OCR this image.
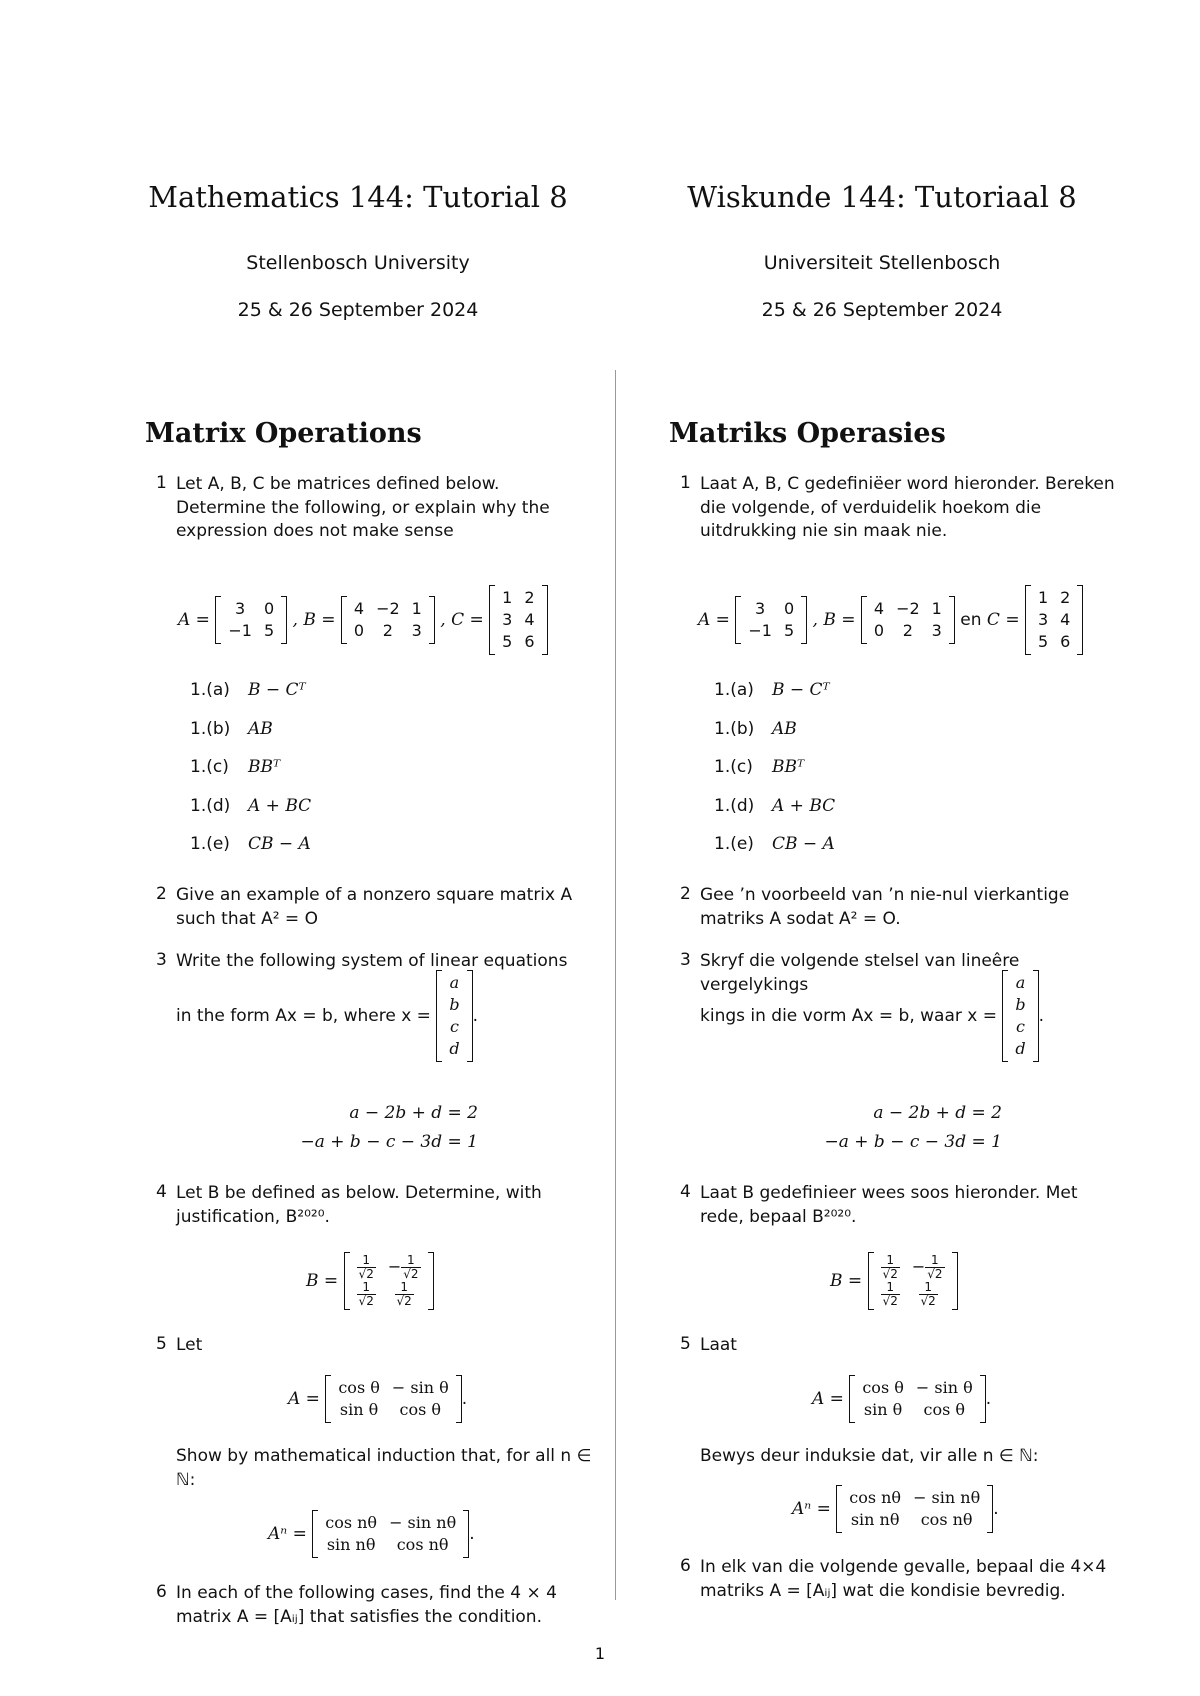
Mathematics 144: Tutorial 8
Stellenbosch University
25 & 26 September 2024
Matrix Operations
1 Let A, B, C be matrices defined below. Determine the following, or explain why the expression does not make sense
A =
3	0
−1	5
, B =
4	−2	1
0	2	3
, C =
1	2
3	4
5	6
1.(a) B − Cᵀ
1.(b) AB
1.(c) BBᵀ
1.(d) A + BC
1.(e) CB − A
2 Give an example of a nonzero square matrix A such that A² = O
3 Write the following system of linear equations
in the form Ax = b, where x =
a
b
c
d
.
a − 2b + d = 2
−a + b − c − 3d = 1
4 Let B be defined as below. Determine, with justification, B²⁰²⁰.
$B = \frac{1}{√2}$	− $\frac{1}{√2}$

$\frac{1}{√2}$	$\frac{1}{√2}$
5 Let
A =
cos θ	− sin θ
sin θ	cos θ
.
Show by mathematical induction that, for all n ∈ ℕ:
Aⁿ =
cos nθ	− sin nθ
sin nθ	cos nθ
.
6 In each of the following cases, find the 4 × 4 matrix A = [Aᵢⱼ] that satisfies the condition.
Wiskunde 144: Tutoriaal 8
Universiteit Stellenbosch
25 & 26 September 2024
Matriks Operasies
1 Laat A, B, C gedefiniëer word hieronder. Bereken die volgende, of verduidelik hoekom die uitdrukking nie sin maak nie.
A =
3	0
−1	5
, B =
4	−2	1
0	2	3
en C =
1	2
3	4
5	6
1.(a) B − Cᵀ
1.(b) AB
1.(c) BBᵀ
1.(d) A + BC
1.(e) CB − A
2 Gee ’n voorbeeld van ’n nie-nul vierkantige matriks A sodat A² = O.
3 Skryf die volgende stelsel van lineêre vergelykings
kings in die vorm Ax = b, waar x =
a
b
c
d
.
a − 2b + d = 2
−a + b − c − 3d = 1
4 Laat B gedefinieer wees soos hieronder. Met rede, bepaal B²⁰²⁰.
$B = \frac{1}{√2}$	− $\frac{1}{√2}$

$\frac{1}{√2}$	$\frac{1}{√2}$
5 Laat
A =
cos θ	− sin θ
sin θ	cos θ
.
Bewys deur induksie dat, vir alle n ∈ ℕ:
Aⁿ =
cos nθ	− sin nθ
sin nθ	cos nθ
.
6 In elk van die volgende gevalle, bepaal die 4×4 matriks A = [Aᵢⱼ] wat die kondisie bevredig.
1
